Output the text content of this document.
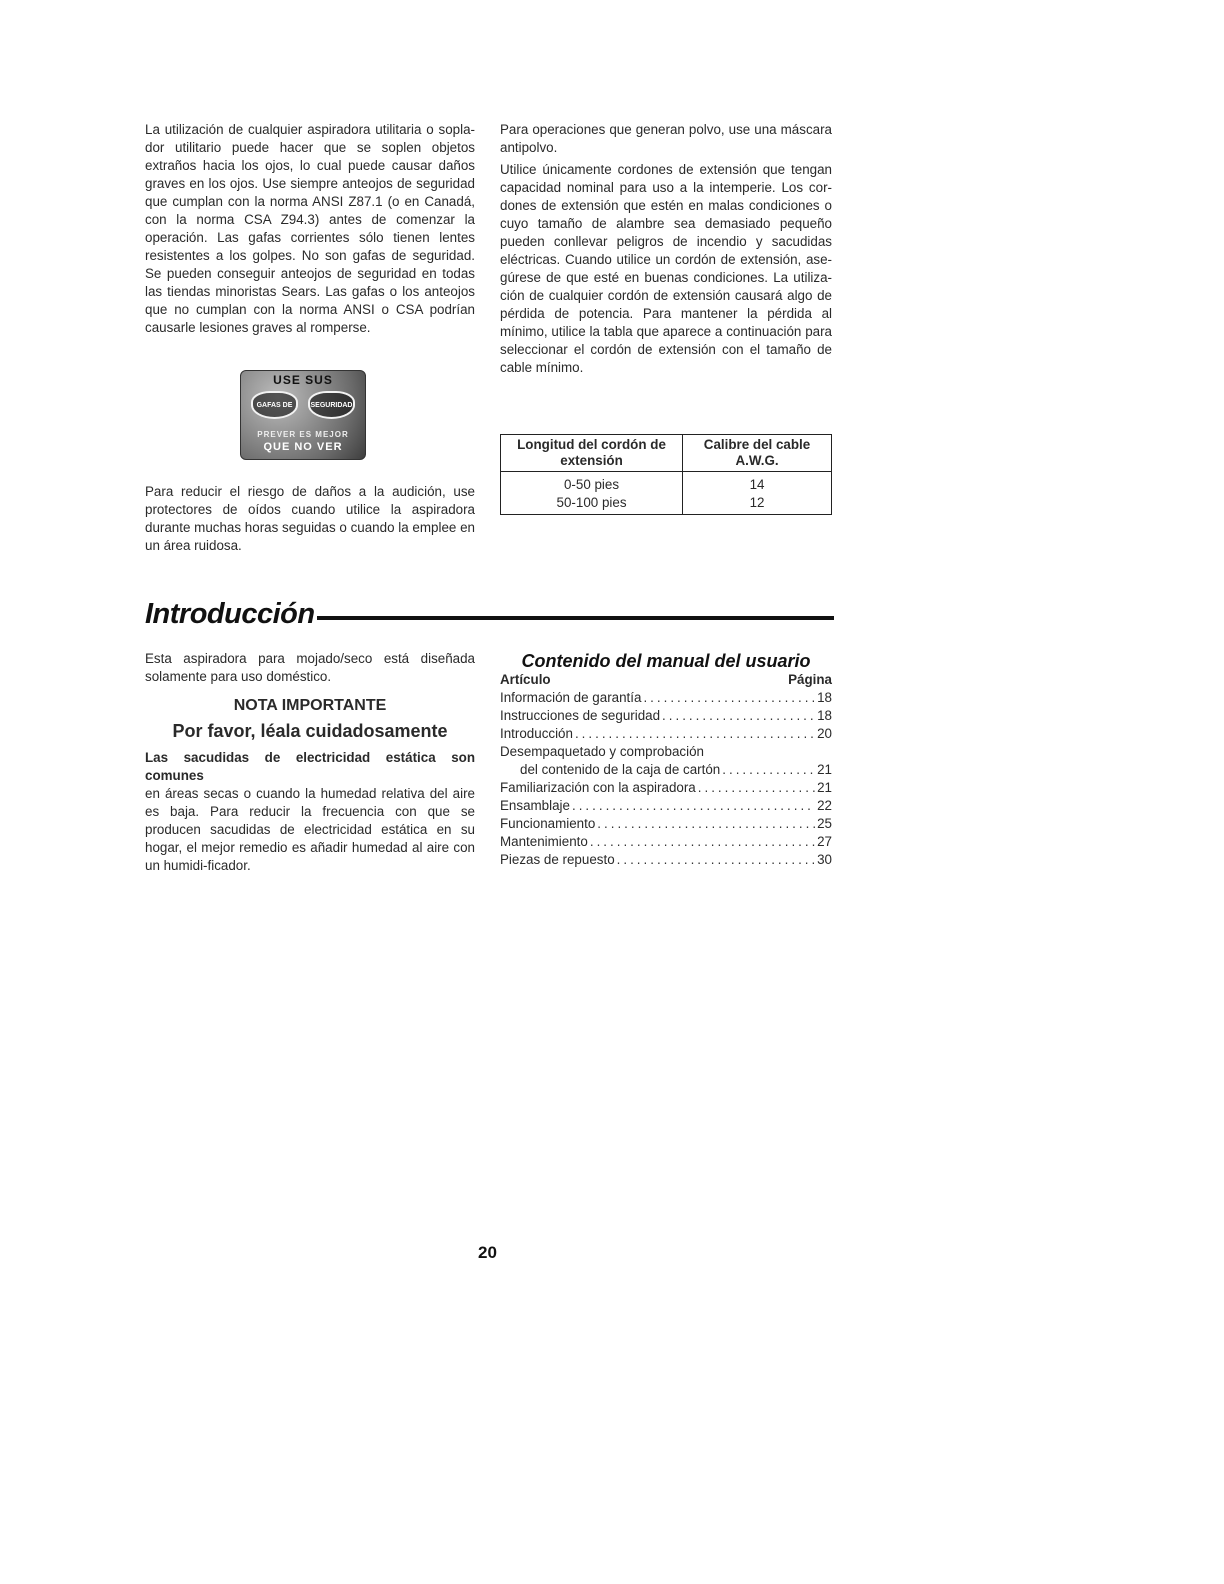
La utilización de cualquier aspiradora utilitaria o sopla-dor utilitario puede hacer que se soplen objetos extraños hacia los ojos, lo cual puede causar daños graves en los ojos. Use siempre anteojos de seguridad que cumplan con la norma ANSI Z87.1 (o en Canadá, con la norma CSA Z94.3) antes de comenzar la operación. Las gafas corrientes sólo tienen lentes resistentes a los golpes. No son gafas de seguridad. Se pueden conseguir anteojos de seguridad en todas las tiendas minoristas Sears. Las gafas o los anteojos que no cumplan con la norma ANSI o CSA podrían causarle lesiones graves al romperse.

USE SUS
GAFAS DE	SEGURIDAD
PREVER ES MEJOR
QUE NO VER

Para reducir el riesgo de daños a la audición, use protectores de oídos cuando utilice la aspiradora durante muchas horas seguidas o cuando la emplee en un área ruidosa.

Para operaciones que generan polvo, use una máscara antipolvo.

Utilice únicamente cordones de extensión que tengan capacidad nominal para uso a la intemperie. Los cor-dones de extensión que estén en malas condiciones o cuyo tamaño de alambre sea demasiado pequeño pueden conllevar peligros de incendio y sacudidas eléctricas. Cuando utilice un cordón de extensión, ase-gúrese de que esté en buenas condiciones. La utiliza-ción de cualquier cordón de extensión causará algo de pérdida de potencia. Para mantener la pérdida al mínimo, utilice la tabla que aparece a continuación para seleccionar el cordón de extensión con el tamaño de cable mínimo.

Longitud del cordón de extensión	Calibre del cable A.W.G.
0-50 pies	14
50-100 pies	12
Introducción

Esta aspiradora para mojado/seco está diseñada solamente para uso doméstico.

NOTA IMPORTANTE

Por favor, léala cuidadosamente

Las sacudidas de electricidad estática son comunes

en áreas secas o cuando la humedad relativa del aire es baja. Para reducir la frecuencia con que se producen sacudidas de electricidad estática en su hogar, el mejor remedio es añadir humedad al aire con un humidi-ficador.

Contenido del manual del usuario
Artículo	Página
Información de garantía .....	18
Instrucciones de seguridad .....	18
Introducción .....	20
Desempaquetado y comprobación
del contenido de la caja de cartón .....	21
Familiarización con la aspiradora .....	21
Ensamblaje .....	22
Funcionamiento .....	25
Mantenimiento .....	27
Piezas de repuesto .....	30
20
